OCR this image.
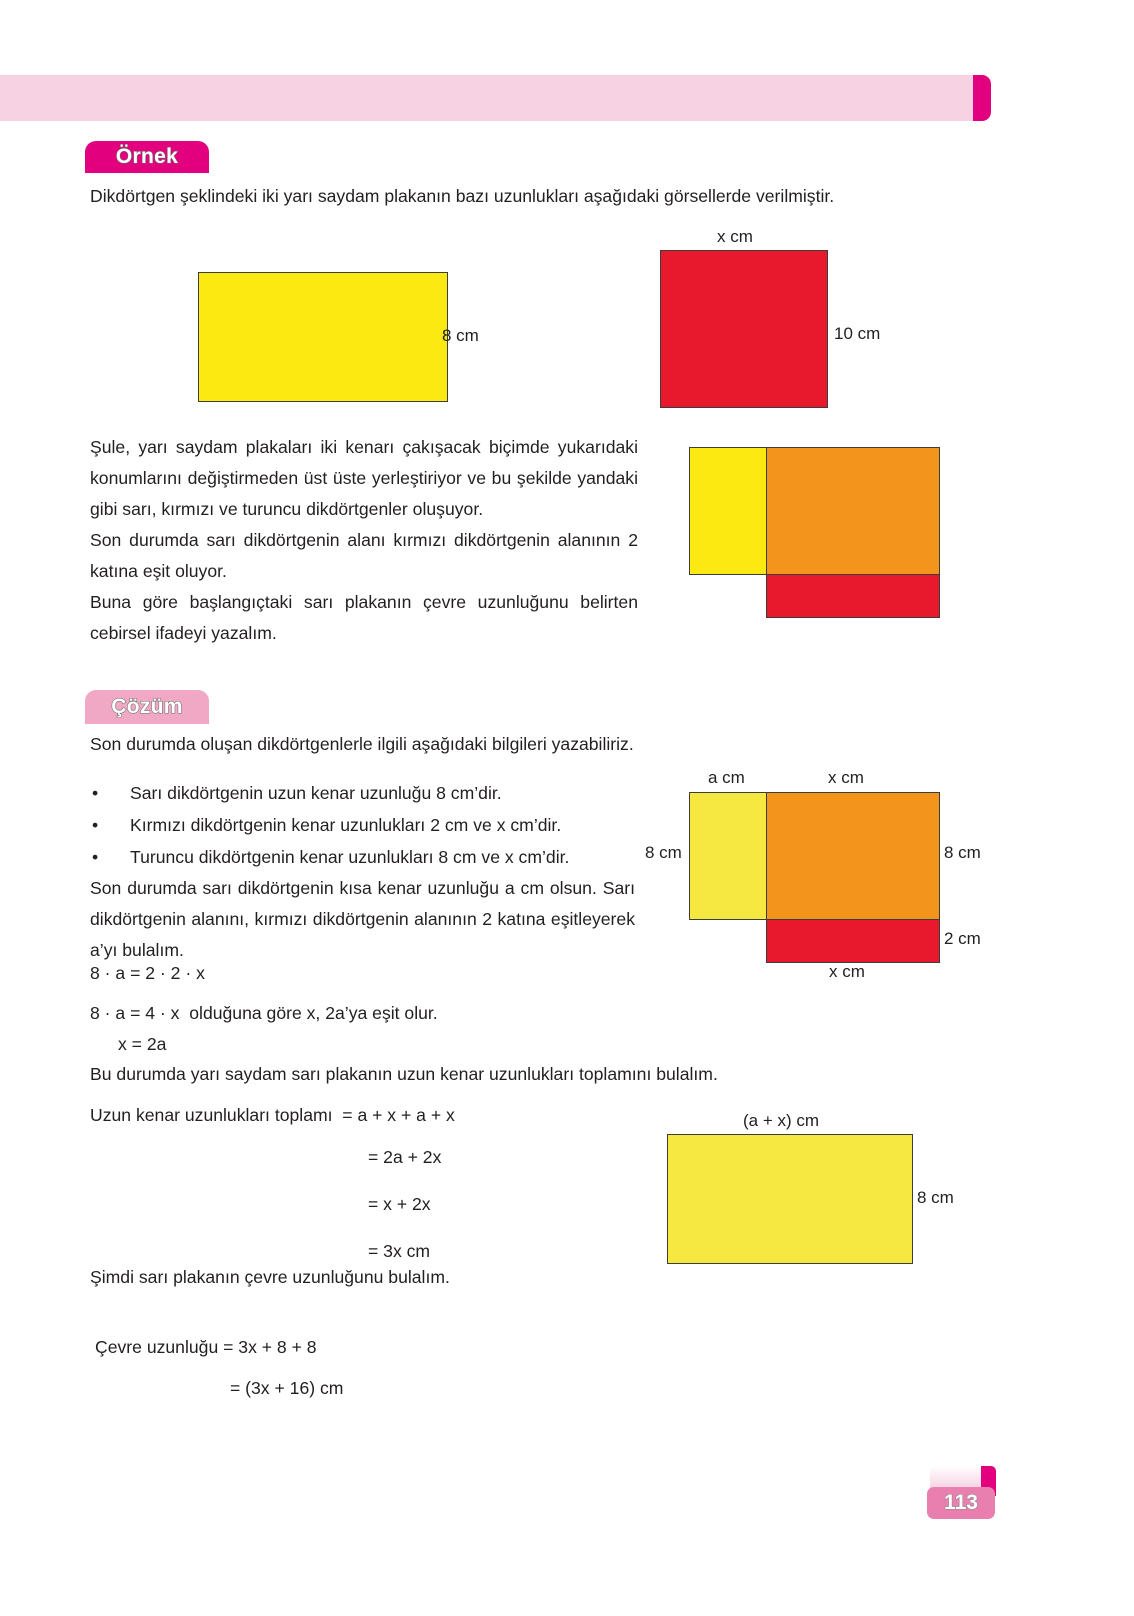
Örnek
Dikdörtgen şeklindeki iki yarı saydam plakanın bazı uzunlukları aşağıdaki görsellerde verilmiştir.
8 cm
x cm
10 cm
Şule, yarı saydam plakaları iki kenarı çakışacak biçimde yukarıdaki konumlarını değiştirmeden üst üste yerleştiriyor ve bu şekilde yandaki gibi sarı, kırmızı ve turuncu dikdörtgenler oluşuyor.
Son durumda sarı dikdörtgenin alanı kırmızı dikdörtgenin alanının 2 katına eşit oluyor.
Buna göre başlangıçtaki sarı plakanın çevre uzunluğunu belirten cebirsel ifadeyi yazalım.
Çözüm
Son durumda oluşan dikdörtgenlerle ilgili aşağıdaki bilgileri yazabiliriz.
• Sarı dikdörtgenin uzun kenar uzunluğu 8 cm’dir.
• Kırmızı dikdörtgenin kenar uzunlukları 2 cm ve x cm’dir.
• Turuncu dikdörtgenin kenar uzunlukları 8 cm ve x cm’dir.
Son durumda sarı dikdörtgenin kısa kenar uzunluğu a cm olsun. Sarı dikdörtgenin alanını, kırmızı dikdörtgenin alanının 2 katına eşitleyerek a’yı bulalım.
8 · a = 2 · 2 · x
8 · a = 4 · x  olduğuna göre x, 2a’ya eşit olur.
x = 2a
Bu durumda yarı saydam sarı plakanın uzun kenar uzunlukları toplamını bulalım.
Uzun kenar uzunlukları toplamı  = a + x + a + x
= 2a + 2x
= x + 2x
= 3x cm
Şimdi sarı plakanın çevre uzunluğunu bulalım.
Çevre uzunluğu = 3x + 8 + 8
= (3x + 16) cm
a cm	x cm
8 cm	8 cm
2 cm
x cm
(a + x) cm
8 cm
113
